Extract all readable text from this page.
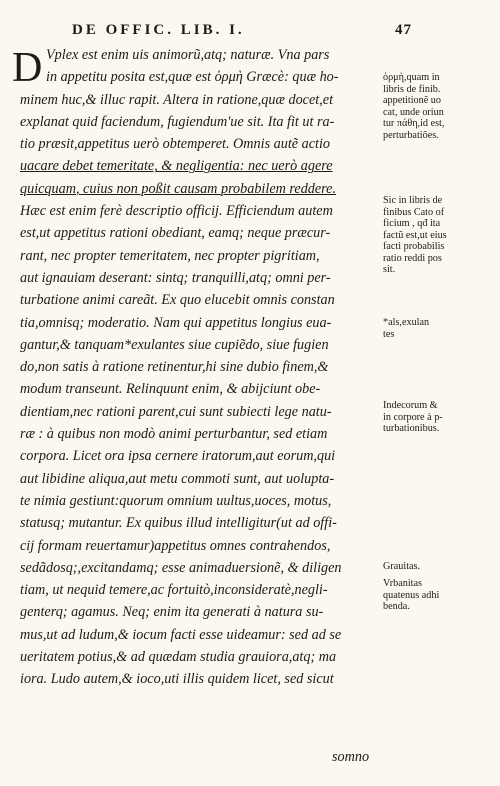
DE OFFIC. LIB. I.	47
Vplex est enim uis animorũ,atq; naturæ. Vna pars
in appetitu posita est,quæ est ὁρμὴ Græcè: quæ ho-
minem huc,& illuc rapit. Altera in ratione,quæ docet,et
explanat quid faciendum, fugiendum'ue sit. Ita fit ut ra-
tio præsit,appetitus uerò obtemperet. Omnis autẽ actio
uacare debet temeritate, & negligentia: nec uerò agere
quicquam, cuius non poßit causam probabilem reddere.
Hæc est enim ferè descriptio officij. Efficiendum autem
est,ut appetitus rationi obediant, eamq; neque præcur-
rant, nec propter temeritatem, nec propter pigritiam,
aut ignauiam deserant: sintq; tranquilli,atq; omni per-
turbatione animi careãt. Ex quo elucebit omnis constan
tia,omnisq; moderatio. Nam qui appetitus longius eua-
gantur,& tanquam*exulantes siue cupiẽdo, siue fugien
do,non satis à ratione retinentur,hi sine dubio finem,&
modum transeunt. Relinquunt enim, & abijciunt obe-
dientiam,nec rationi parent,cui sunt subiecti lege natu-
ræ : à quibus non modò animi perturbantur, sed etiam
corpora. Licet ora ipsa cernere iratorum,aut eorum,qui
aut libidine aliqua,aut metu commoti sunt, aut uolupta-
te nimia gestiunt:quorum omnium uultus,uoces, motus,
statusq; mutantur. Ex quibus illud intelligitur(ut ad offi-
cij formam reuertamur)appetitus omnes contrahendos,
sedãdosq;,excitandamq; esse animaduersionẽ, & diligen
tiam, ut nequid temere,ac fortuitò,inconsideratè,negli-
genterq; agamus. Neq; enim ita generati à natura su-
mus,ut ad ludum,& iocum facti esse uideamur: sed ad se
ueritatem potius,& ad quædam studia grauiora,atq; ma
iora. Ludo autem,& ioco,uti illis quidem licet, sed sicut
D	ὁρμὴ,quam in
libris de finib.
appetitionẽ uo
cat, unde oriun
tur πάθη,id est,
perturbatiões.
Sic in libris de
finibus Cato of
ficium , qđ ita
factũ est,ut eius
facti probabilis
ratio reddi pos
sit.
*als,exulan
tes
Indecorum &
in corpore à p-
turbationibus.
Grauitas.
Vrbanitas
quatenus adhi
benda.
somno
